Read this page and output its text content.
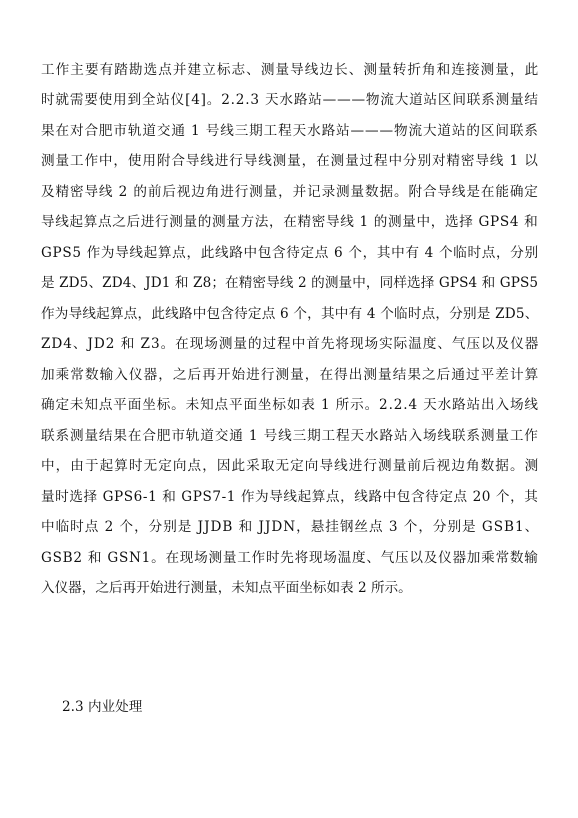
工作主要有踏勘选点并建立标志、测量导线边长、测量转折角和连接测量，此
时就需要使用到全站仪[4]。2.2.3 天水路站———物流大道站区间联系测量结
果在对合肥市轨道交通 1 号线三期工程天水路站———物流大道站的区间联系
测量工作中，使用附合导线进行导线测量，在测量过程中分别对精密导线 1 以
及精密导线 2 的前后视边角进行测量，并记录测量数据。附合导线是在能确定
导线起算点之后进行测量的测量方法，在精密导线 1 的测量中，选择 GPS4 和
GPS5 作为导线起算点，此线路中包含待定点 6 个，其中有 4 个临时点，分别
是 ZD5、ZD4、JD1 和 Z8；在精密导线 2 的测量中，同样选择 GPS4 和 GPS5
作为导线起算点，此线路中包含待定点 6 个，其中有 4 个临时点，分别是 ZD5、
ZD4、JD2 和 Z3。在现场测量的过程中首先将现场实际温度、气压以及仪器
加乘常数输入仪器，之后再开始进行测量，在得出测量结果之后通过平差计算
确定未知点平面坐标。未知点平面坐标如表 1 所示。2.2.4 天水路站出入场线
联系测量结果在合肥市轨道交通 1 号线三期工程天水路站入场线联系测量工作
中，由于起算时无定向点，因此采取无定向导线进行测量前后视边角数据。测
量时选择 GPS6-1 和 GPS7-1 作为导线起算点，线路中包含待定点 20 个，其
中临时点 2 个，分别是 JJDB 和 JJDN，悬挂钢丝点 3 个，分别是 GSB1、
GSB2 和 GSN1。在现场测量工作时先将现场温度、气压以及仪器加乘常数输
入仪器，之后再开始进行测量，未知点平面坐标如表 2 所示。
2.3 内业处理
